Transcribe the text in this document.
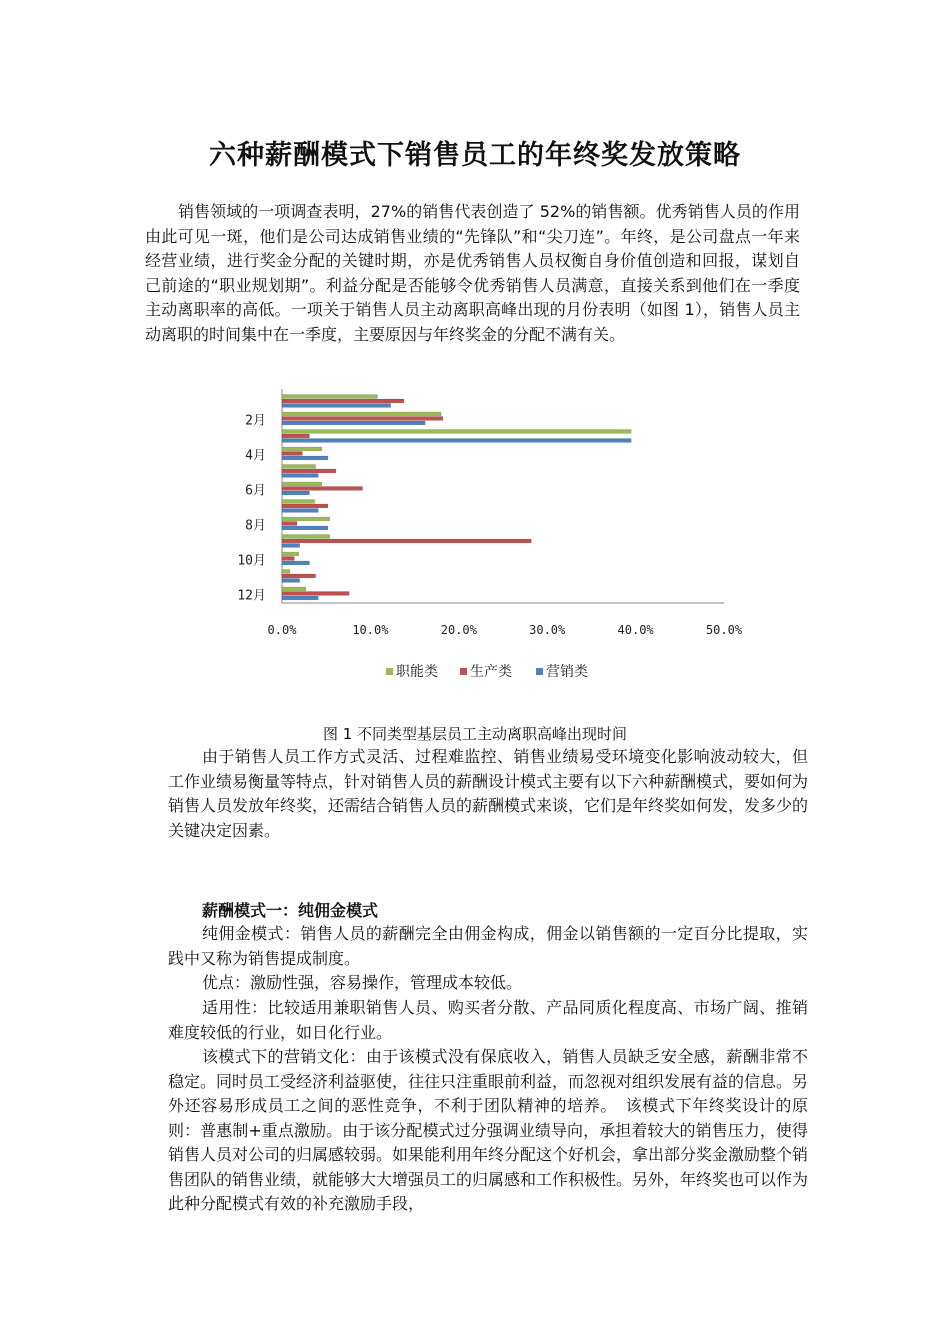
六种薪酬模式下销售员工的年终奖发放策略

销售领域的一项调查表明，27%的销售代表创造了 52%的销售额。优秀销售人员的作用由此可见一斑，他们是公司达成销售业绩的“先锋队”和“尖刀连”。年终，是公司盘点一年来经营业绩，进行奖金分配的关键时期，亦是优秀销售人员权衡自身价值创造和回报，谋划自己前途的“职业规划期”。利益分配是否能够令优秀销售人员满意，直接关系到他们在一季度主动离职率的高低。一项关于销售人员主动离职高峰出现的月份表明（如图 1），销售人员主动离职的时间集中在一季度，主要原因与年终奖金的分配不满有关。

2月
4月
6月
8月
10月
12月
0.0%	10.0%	20.0%	30.0%	40.0%	50.0%
职能类 生产类 营销类
图 1 不同类型基层员工主动离职高峰出现时间

由于销售人员工作方式灵活、过程难监控、销售业绩易受环境变化影响波动较大，但工作业绩易衡量等特点，针对销售人员的薪酬设计模式主要有以下六种薪酬模式，要如何为销售人员发放年终奖，还需结合销售人员的薪酬模式来谈，它们是年终奖如何发，发多少的关键决定因素。

薪酬模式一：纯佣金模式

纯佣金模式：销售人员的薪酬完全由佣金构成，佣金以销售额的一定百分比提取，实践中又称为销售提成制度。

优点：激励性强，容易操作，管理成本较低。

适用性：比较适用兼职销售人员、购买者分散、产品同质化程度高、市场广阔、推销难度较低的行业，如日化行业。

该模式下的营销文化：由于该模式没有保底收入，销售人员缺乏安全感，薪酬非常不稳定。同时员工受经济利益驱使，往往只注重眼前利益，而忽视对组织发展有益的信息。另外还容易形成员工之间的恶性竞争，不利于团队精神的培养。　该模式下年终奖设计的原则：普惠制+重点激励。由于该分配模式过分强调业绩导向，承担着较大的销售压力，使得销售人员对公司的归属感较弱。如果能利用年终分配这个好机会，拿出部分奖金激励整个销售团队的销售业绩，就能够大大增强员工的归属感和工作积极性。另外，年终奖也可以作为此种分配模式有效的补充激励手段，
